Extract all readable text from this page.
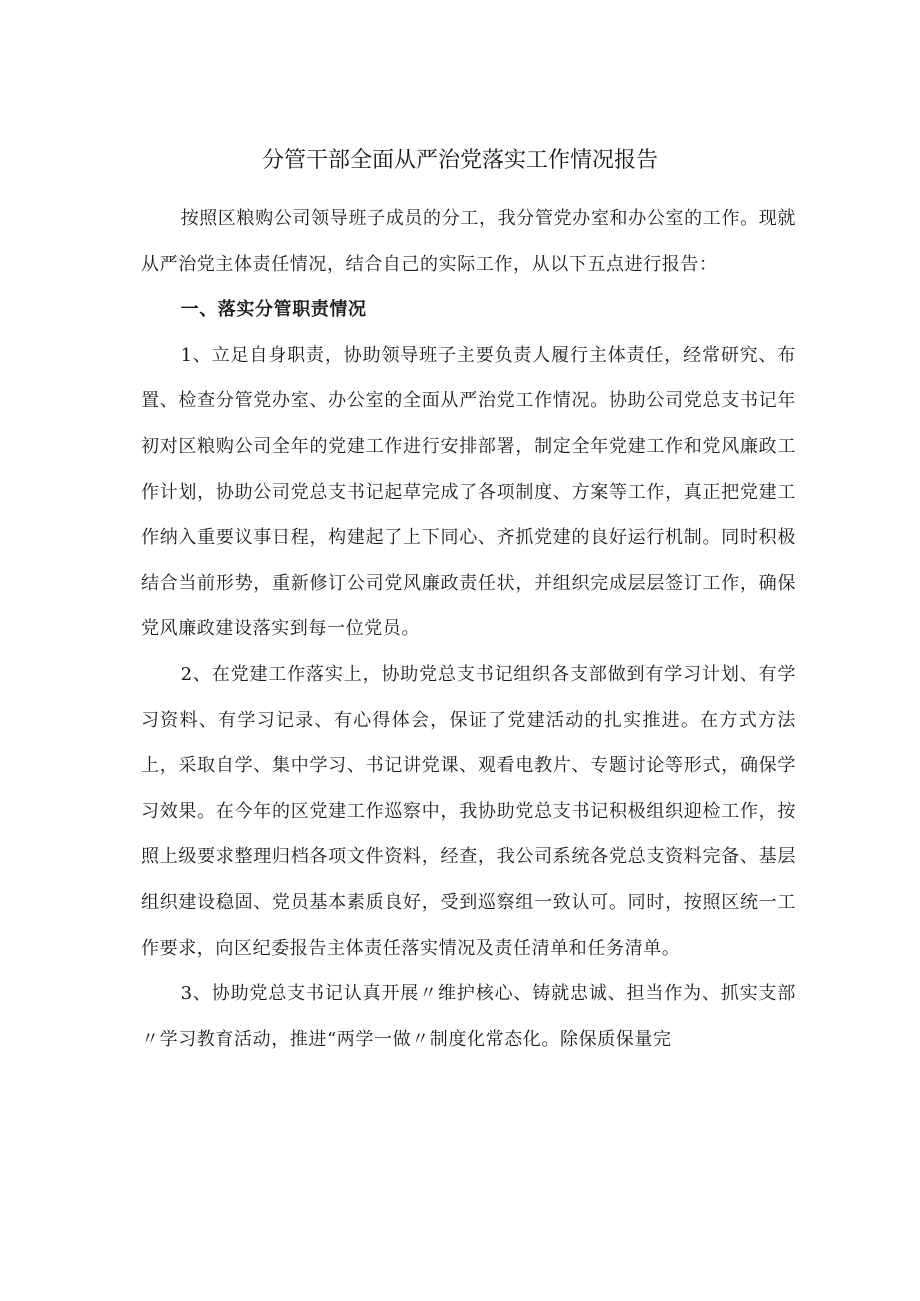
分管干部全面从严治党落实工作情况报告

按照区粮购公司领导班子成员的分工，我分管党办室和办公室的工作。现就从严治党主体责任情况，结合自己的实际工作，从以下五点进行报告：

一、落实分管职责情况

1、立足自身职责，协助领导班子主要负责人履行主体责任，经常研究、布置、检查分管党办室、办公室的全面从严治党工作情况。协助公司党总支书记年初对区粮购公司全年的党建工作进行安排部署，制定全年党建工作和党风廉政工作计划，协助公司党总支书记起草完成了各项制度、方案等工作，真正把党建工作纳入重要议事日程，构建起了上下同心、齐抓党建的良好运行机制。同时积极结合当前形势，重新修订公司党风廉政责任状，并组织完成层层签订工作，确保党风廉政建设落实到每一位党员。

2、在党建工作落实上，协助党总支书记组织各支部做到有学习计划、有学习资料、有学习记录、有心得体会，保证了党建活动的扎实推进。在方式方法上，采取自学、集中学习、书记讲党课、观看电教片、专题讨论等形式，确保学习效果。在今年的区党建工作巡察中，我协助党总支书记积极组织迎检工作，按照上级要求整理归档各项文件资料，经查，我公司系统各党总支资料完备、基层组织建设稳固、党员基本素质良好，受到巡察组一致认可。同时，按照区统一工作要求，向区纪委报告主体责任落实情况及责任清单和任务清单。

3、协助党总支书记认真开展〃维护核心、铸就忠诚、担当作为、抓实支部〃学习教育活动，推进“两学一做〃制度化常态化。除保质保量完
